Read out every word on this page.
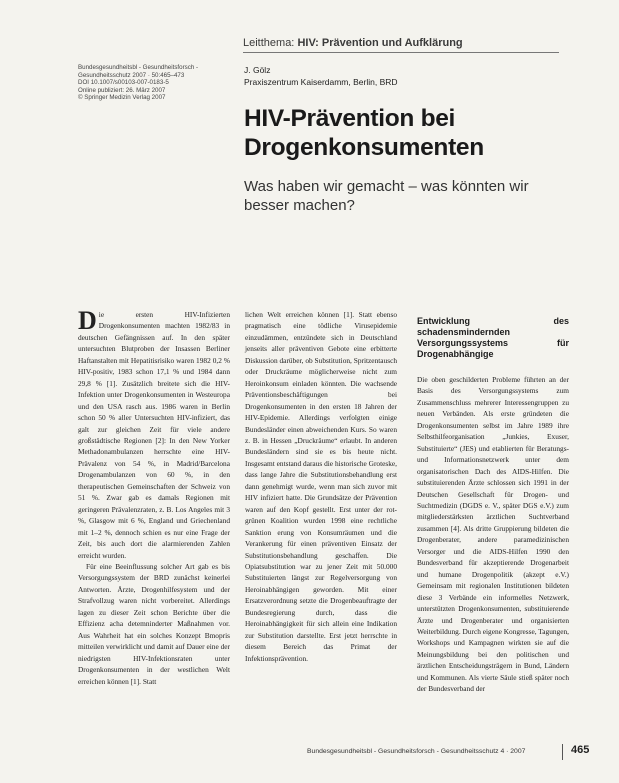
Leitthema: HIV: Prävention und Aufklärung
Bundesgesundheitsbl - Gesundheitsforsch -
Gesundheitsschutz 2007 · 50:465–473
DOI 10.1007/s00103-007-0183-5
Online publiziert: 26. März 2007
© Springer Medizin Verlag 2007
J. Gölz
Praxiszentrum Kaiserdamm, Berlin, BRD
HIV-Prävention bei
Drogenkonsumenten
Was haben wir gemacht – was könnten wir besser machen?

D ie ersten HIV-Infizierten Drogenkonsumenten machten 1982/83 in deutschen Gefängnissen auf. In den später untersuchten Blutproben der Insassen Berliner Haftanstalten mit Hepatitisrisiko waren 1982 0,2 % HIV-positiv, 1983 schon 17,1 % und 1984 dann 29,8 % [1]. Zusätzlich breitete sich die HIV-Infektion unter Drogenkonsumenten in Westeuropa und den USA rasch aus. 1986 waren in Berlin schon 50 % aller Untersuchten HIV-infiziert, das galt zur gleichen Zeit für viele andere großstädtische Regionen [2]: In den New Yorker Methadonambulanzen herrschte eine HIV-Prävalenz von 54 %, in Madrid/Barcelona Drogenambulanzen von 60 %, in den therapeutischen Gemeinschaften der Schweiz von 51 %. Zwar gab es damals Regionen mit geringeren Prävalenzraten, z. B. Los Angeles mit 3 %, Glasgow mit 6 %, England und Griechenland mit 1–2 %, dennoch schien es nur eine Frage der Zeit, bis auch dort die alarmierenden Zahlen erreicht wurden.

Für eine Beeinflussung solcher Art gab es bis Versorgungssystem der BRD zunächst keinerlei Antworten. Ärzte, Drogenhilfesystem und der Strafvollzug waren nicht vorbereitet. Allerdings lagen zu dieser Zeit schon Berichte über die Effizienz acha detemninderter Maßnahmen vor. Aus Wahrheit hat ein solches Konzept Bmopris mitteilen verwirklicht und damit auf Dauer eine der niedrigsten HIV-Infektionsraten unter Drogenkonsumenten in der westlichen Welt erreichen können [1]. Statt

lichen Welt erreichen können [1]. Statt ebenso pragmatisch eine tödliche Virusepidemie einzudämmen, entzündete sich in Deutschland jenseits aller präventiven Gebote eine erbitterte Diskussion darüber, ob Substitution, Spritzentausch oder Druckräume möglicherweise nicht zum Heroinkonsum einladen könnten. Die wachsende Präventionsbeschäftigungen bei Drogenkonsumenten in den ersten 18 Jahren der HIV-Epidemie. Allerdings verfolgten einige Bundesländer einen abweichenden Kurs. So waren z. B. in Hessen „Druckräume“ erlaubt. In anderen Bundesländern sind sie es bis heute nicht. Insgesamt entstand daraus die historische Groteske, dass lange Jahre die Substitutionsbehandlung erst dann genehmigt wurde, wenn man sich zuvor mit HIV infiziert hatte. Die Grundsätze der Prävention waren auf den Kopf gestellt. Erst unter der rot-grünen Koalition wurden 1998 eine rechtliche Sanktion erung von Konsumräumen und die Verankerung für einen präventiven Einsatz der Substitutionsbehandlung geschaffen. Die Opiatsubstitution war zu jener Zeit mit 50.000 Substituierten längst zur Regelversorgung von Heroinabhängigen geworden. Mit einer Ersatzverordnung setzte die Drogenbeauftragte der Bundesregierung durch, dass die Heroinabhängigkeit für sich allein eine Indikation zur Substitution darstellte. Erst jetzt herrschte in diesem Bereich das Primat der Infektionsprävention.

Entwicklung des schadensmindernden Versorgungssystems für Drogenabhängige

Die oben geschilderten Probleme führten an der Basis des Versorgungssystems zum Zusammenschluss mehrerer Interessengruppen zu neuen Verbänden. Als erste gründeten die Drogenkonsumenten selbst im Jahre 1989 ihre Selbsthilfeorganisation „Junkies, Exuser, Substituierte“ (JES) und etablierten für Beratungs- und Informationsnetzwerk unter dem organisatorischen Dach des AIDS-Hilfen. Die substituierenden Ärzte schlossen sich 1991 in der Deutschen Gesellschaft für Drogen- und Suchtmedizin (DGDS e. V., später DGS e.V.) zum mitgliederstärksten ärztlichen Suchtverband zusammen [4]. Als dritte Gruppierung bildeten die Drogenberater, andere paramedizinischen Versorger und die AIDS-Hilfen 1990 den Bundesverband für akzeptierende Drogenarbeit und humane Drogenpolitik (akzept e.V.) Gemeinsam mit regionalen Institutionen bildeten diese 3 Verbände ein informelles Netzwerk, unterstützten Drogenkonsumenten, substituierende Ärzte und Drogenberater und organisierten Weiterbildung. Durch eigene Kongresse, Tagungen, Workshops und Kampagnen wirkten sie auf die Meinungsbildung bei den politischen und ärztlichen Entscheidungsträgern in Bund, Ländern und Kommunen. Als vierte Säule stieß später noch der Bundesverband der

Bundesgesundheitsbl - Gesundheitsforsch - Gesundheitsschutz 4 · 2007	465
